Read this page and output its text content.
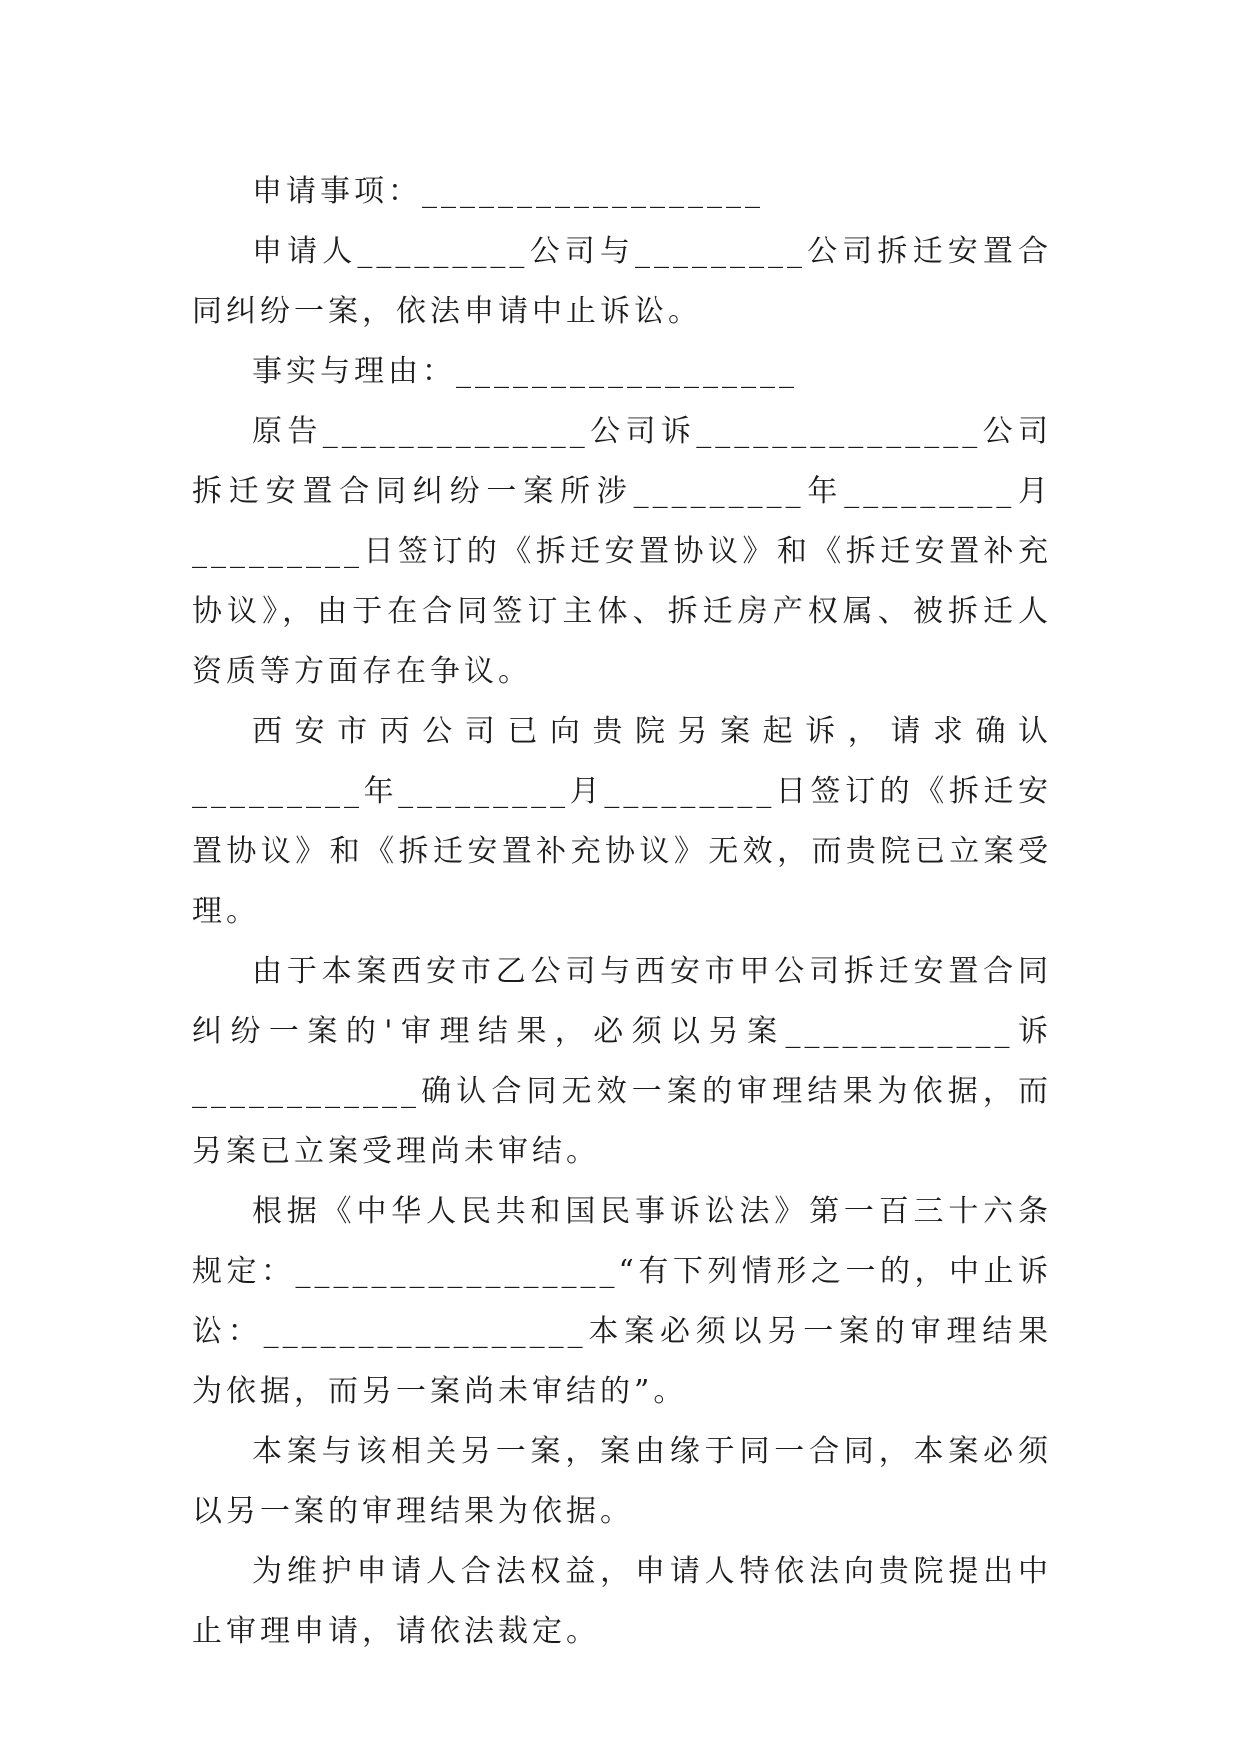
申请事项：__________________

申请人_________公司与_________公司拆迁安置合同纠纷一案，依法申请中止诉讼。

事实与理由：__________________

原告______________公司诉_______________公司拆迁安置合同纠纷一案所涉_________年_________月_________日签订的《拆迁安置协议》和《拆迁安置补充协议》，由于在合同签订主体、拆迁房产权属、被拆迁人资质等方面存在争议。

西安市丙公司已向贵院另案起诉，请求确认_________年_________月_________日签订的《拆迁安置协议》和《拆迁安置补充协议》无效，而贵院已立案受理。

由于本案西安市乙公司与西安市甲公司拆迁安置合同纠纷一案的'审理结果，必须以另案____________诉____________确认合同无效一案的审理结果为依据，而另案已立案受理尚未审结。

根据《中华人民共和国民事诉讼法》第一百三十六条规定：_________________“有下列情形之一的，中止诉讼：_________________本案必须以另一案的审理结果为依据，而另一案尚未审结的”。

本案与该相关另一案，案由缘于同一合同，本案必须以另一案的审理结果为依据。

为维护申请人合法权益，申请人特依法向贵院提出中止审理申请，请依法裁定。
